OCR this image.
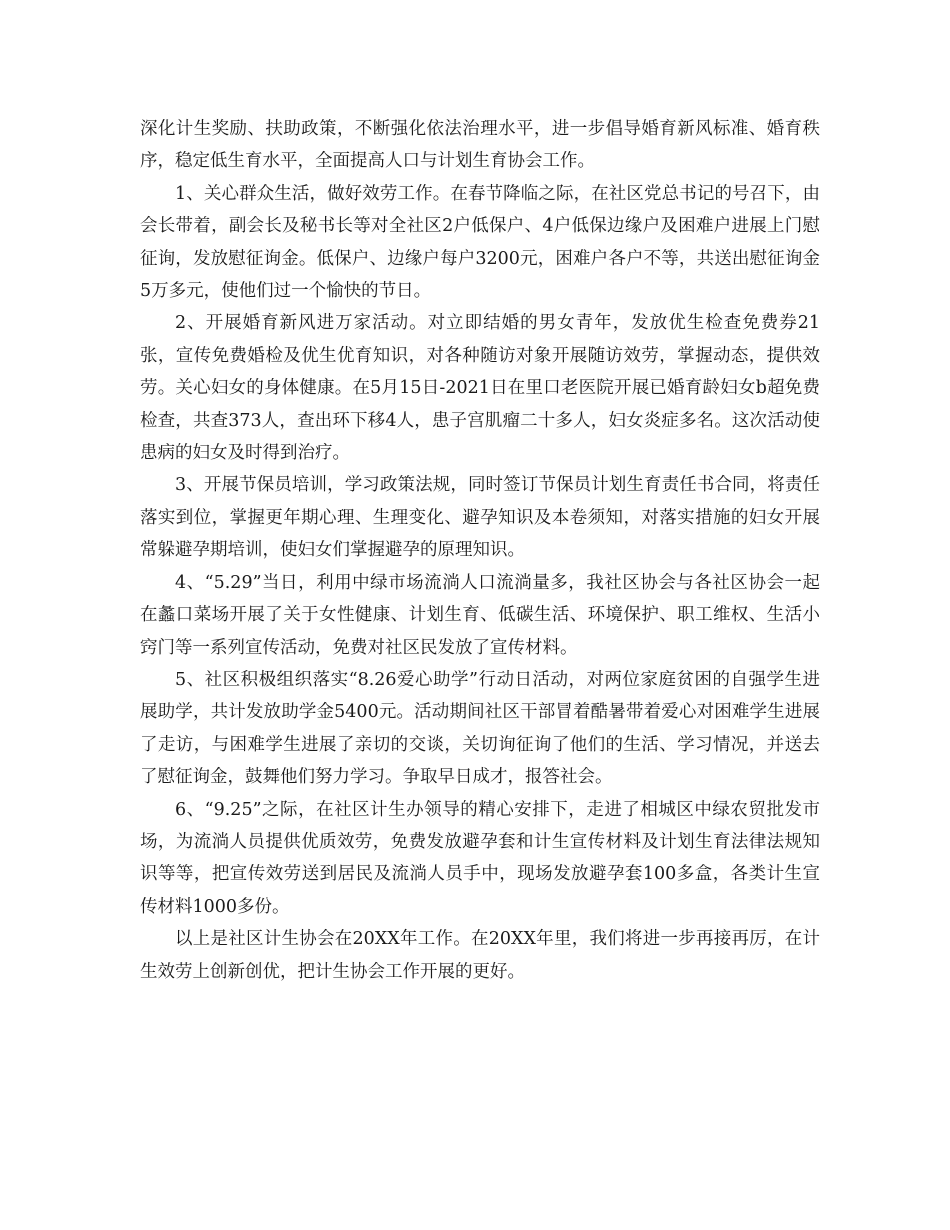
深化计生奖励、扶助政策，不断强化依法治理水平，进一步倡导婚育新风标准、婚育秩序，稳定低生育水平，全面提高人口与计划生育协会工作。

1、关心群众生活，做好效劳工作。在春节降临之际，在社区党总书记的号召下，由会长带着，副会长及秘书长等对全社区2户低保户、4户低保边缘户及困难户进展上门慰征询，发放慰征询金。低保户、边缘户每户3200元，困难户各户不等，共送出慰征询金5万多元，使他们过一个愉快的节日。

2、开展婚育新风进万家活动。对立即结婚的男女青年，发放优生检查免费券21张，宣传免费婚检及优生优育知识，对各种随访对象开展随访效劳，掌握动态，提供效劳。关心妇女的身体健康。在5月15日-2021日在里口老医院开展已婚育龄妇女b超免费检查，共查373人，查出环下移4人，患子宫肌瘤二十多人，妇女炎症多名。这次活动使患病的妇女及时得到治疗。

3、开展节保员培训，学习政策法规，同时签订节保员计划生育责任书合同，将责任落实到位，掌握更年期心理、生理变化、避孕知识及本卷须知，对落实措施的妇女开展常躲避孕期培训，使妇女们掌握避孕的原理知识。

4、“5.29”当日，利用中绿市场流淌人口流淌量多，我社区协会与各社区协会一起在蠡口菜场开展了关于女性健康、计划生育、低碳生活、环境保护、职工维权、生活小窍门等一系列宣传活动，免费对社区民发放了宣传材料。

5、社区积极组织落实“8.26爱心助学”行动日活动，对两位家庭贫困的自强学生进展助学，共计发放助学金5400元。活动期间社区干部冒着酷暑带着爱心对困难学生进展了走访，与困难学生进展了亲切的交谈，关切询征询了他们的生活、学习情况，并送去了慰征询金，鼓舞他们努力学习。争取早日成才，报答社会。

6、“9.25”之际，在社区计生办领导的精心安排下，走进了相城区中绿农贸批发市场，为流淌人员提供优质效劳，免费发放避孕套和计生宣传材料及计划生育法律法规知识等等，把宣传效劳送到居民及流淌人员手中，现场发放避孕套100多盒，各类计生宣传材料1000多份。

以上是社区计生协会在20XX年工作。在20XX年里，我们将进一步再接再厉，在计生效劳上创新创优，把计生协会工作开展的更好。
